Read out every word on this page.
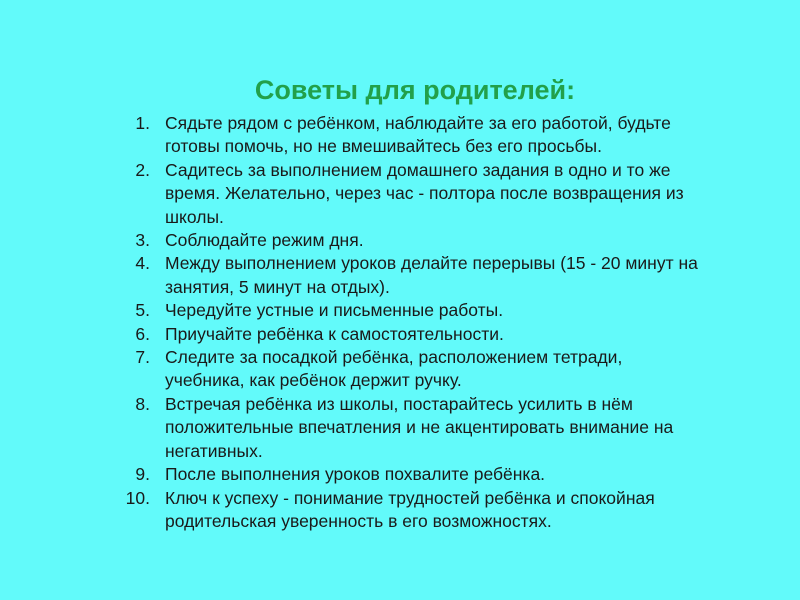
Советы для родителей:
1. Сядьте рядом с ребёнком, наблюдайте за его работой, будьте готовы помочь, но не вмешивайтесь без его просьбы.
2. Садитесь за выполнением домашнего задания в одно и то же время. Желательно, через час - полтора после возвращения из школы.
3. Соблюдайте режим дня.
4. Между выполнением уроков делайте перерывы (15 - 20 минут на занятия, 5 минут на отдых).
5. Чередуйте устные и письменные работы.
6. Приучайте ребёнка к самостоятельности.
7. Следите за посадкой ребёнка, расположением тетради, учебника, как ребёнок держит ручку.
8. Встречая ребёнка из школы, постарайтесь усилить в нём положительные впечатления и не акцентировать внимание на негативных.
9. После выполнения уроков похвалите ребёнка.
10. Ключ к успеху - понимание трудностей ребёнка и спокойная родительская уверенность в его возможностях.
